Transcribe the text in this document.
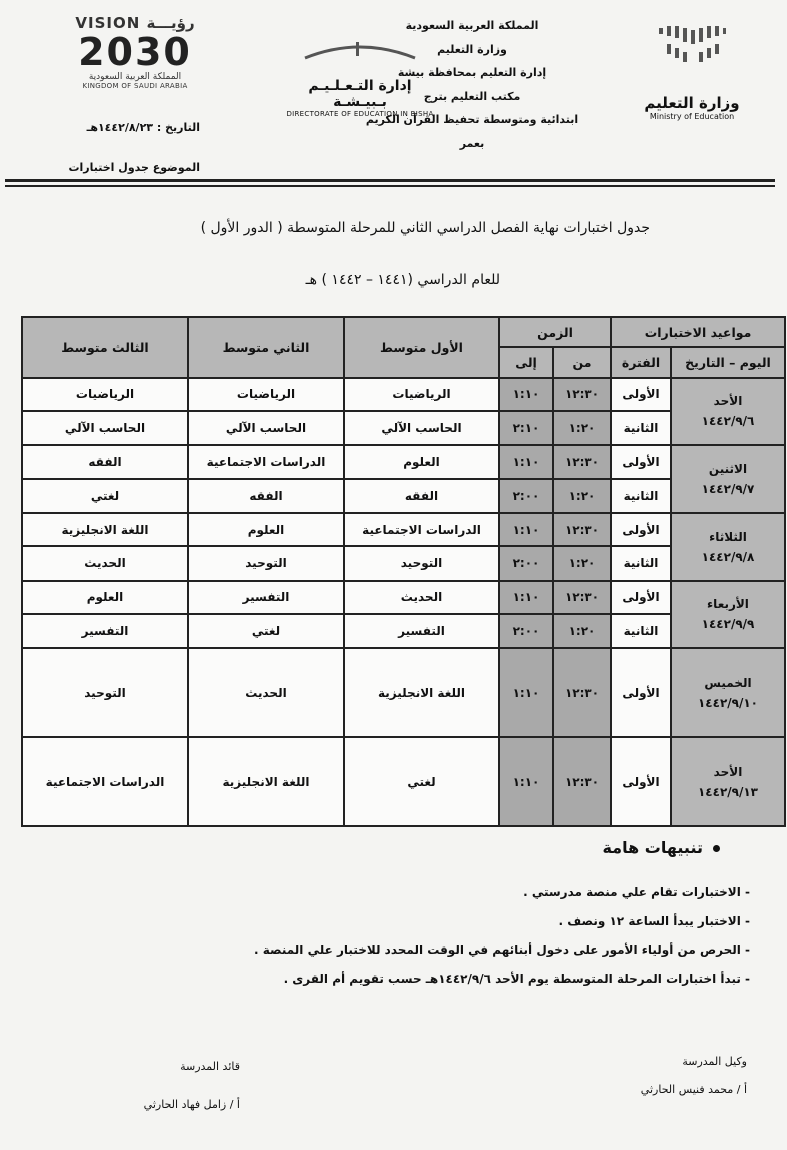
وزارة التعليم
Ministry of Education
المملكة العربية السعودية
وزارة التعليم
إدارة التعليم بمحافظة بيشة
مكتب التعليم بترج
ابتدائية ومتوسطة تحفيظ القرآن الكريم
بعمر
إدارة التـعـلـيـم بـبيـشـة
DIRECTORATE OF EDUCATION IN BISHA
VISION رؤيـــة
2030
المملكة العربية السعودية
KINGDOM OF SAUDI ARABIA
التاريخ : ١٤٤٢/٨/٢٣هـ
الموضوع جدول اختبارات
جدول اختبارات نهاية الفصل الدراسي الثاني للمرحلة المتوسطة ( الدور الأول )
للعام الدراسي (١٤٤١ – ١٤٤٢ ) هـ
مواعيد الاختبارات		الزمن		الأول متوسط	الثاني متوسط	الثالث متوسط
اليوم – التاريخ	الفترة	من	إلى			

الأحد
١٤٤٢/٩/٦	الأولى	١٢:٣٠	١:١٠	الرياضيات	الرياضيات	الرياضيات
	الثانية	١:٢٠	٢:١٠	الحاسب الآلي	الحاسب الآلي	الحاسب الآلي

الاثنين
١٤٤٢/٩/٧	الأولى	١٢:٣٠	١:١٠	العلوم	الدراسات الاجتماعية	الفقه
	الثانية	١:٢٠	٢:٠٠	الفقه	الفقه	لغتي

الثلاثاء
١٤٤٢/٩/٨	الأولى	١٢:٣٠	١:١٠	الدراسات الاجتماعية	العلوم	اللغة الانجليزية
	الثانية	١:٢٠	٢:٠٠	التوحيد	التوحيد	الحديث

الأربعاء
١٤٤٢/٩/٩	الأولى	١٢:٣٠	١:١٠	الحديث	التفسير	العلوم
	الثانية	١:٢٠	٢:٠٠	التفسير	لغتي	التفسير

الخميس
١٤٤٢/٩/١٠	الأولى	١٢:٣٠	١:١٠	اللغة الانجليزية	الحديث	التوحيد

الأحد
١٤٤٢/٩/١٣	الأولى	١٢:٣٠	١:١٠	لغتي	اللغة الانجليزية	الدراسات الاجتماعية
تنبيهات هامة
- الاختبارات تقام علي منصة مدرستي .
- الاختبار يبدأ الساعة ١٢ ونصف .
- الحرص من أولياء الأمور على دخول أبنائهم في الوقت المحدد للاختبار علي المنصة .
- تبدأ اختبارات المرحلة المتوسطة يوم الأحد ١٤٤٢/٩/٦هـ حسب تقويم أم القرى .
وكيل المدرسة
أ / محمد فنيس الحارثي
قائد المدرسة
أ / زامل فهاد الحارثي
